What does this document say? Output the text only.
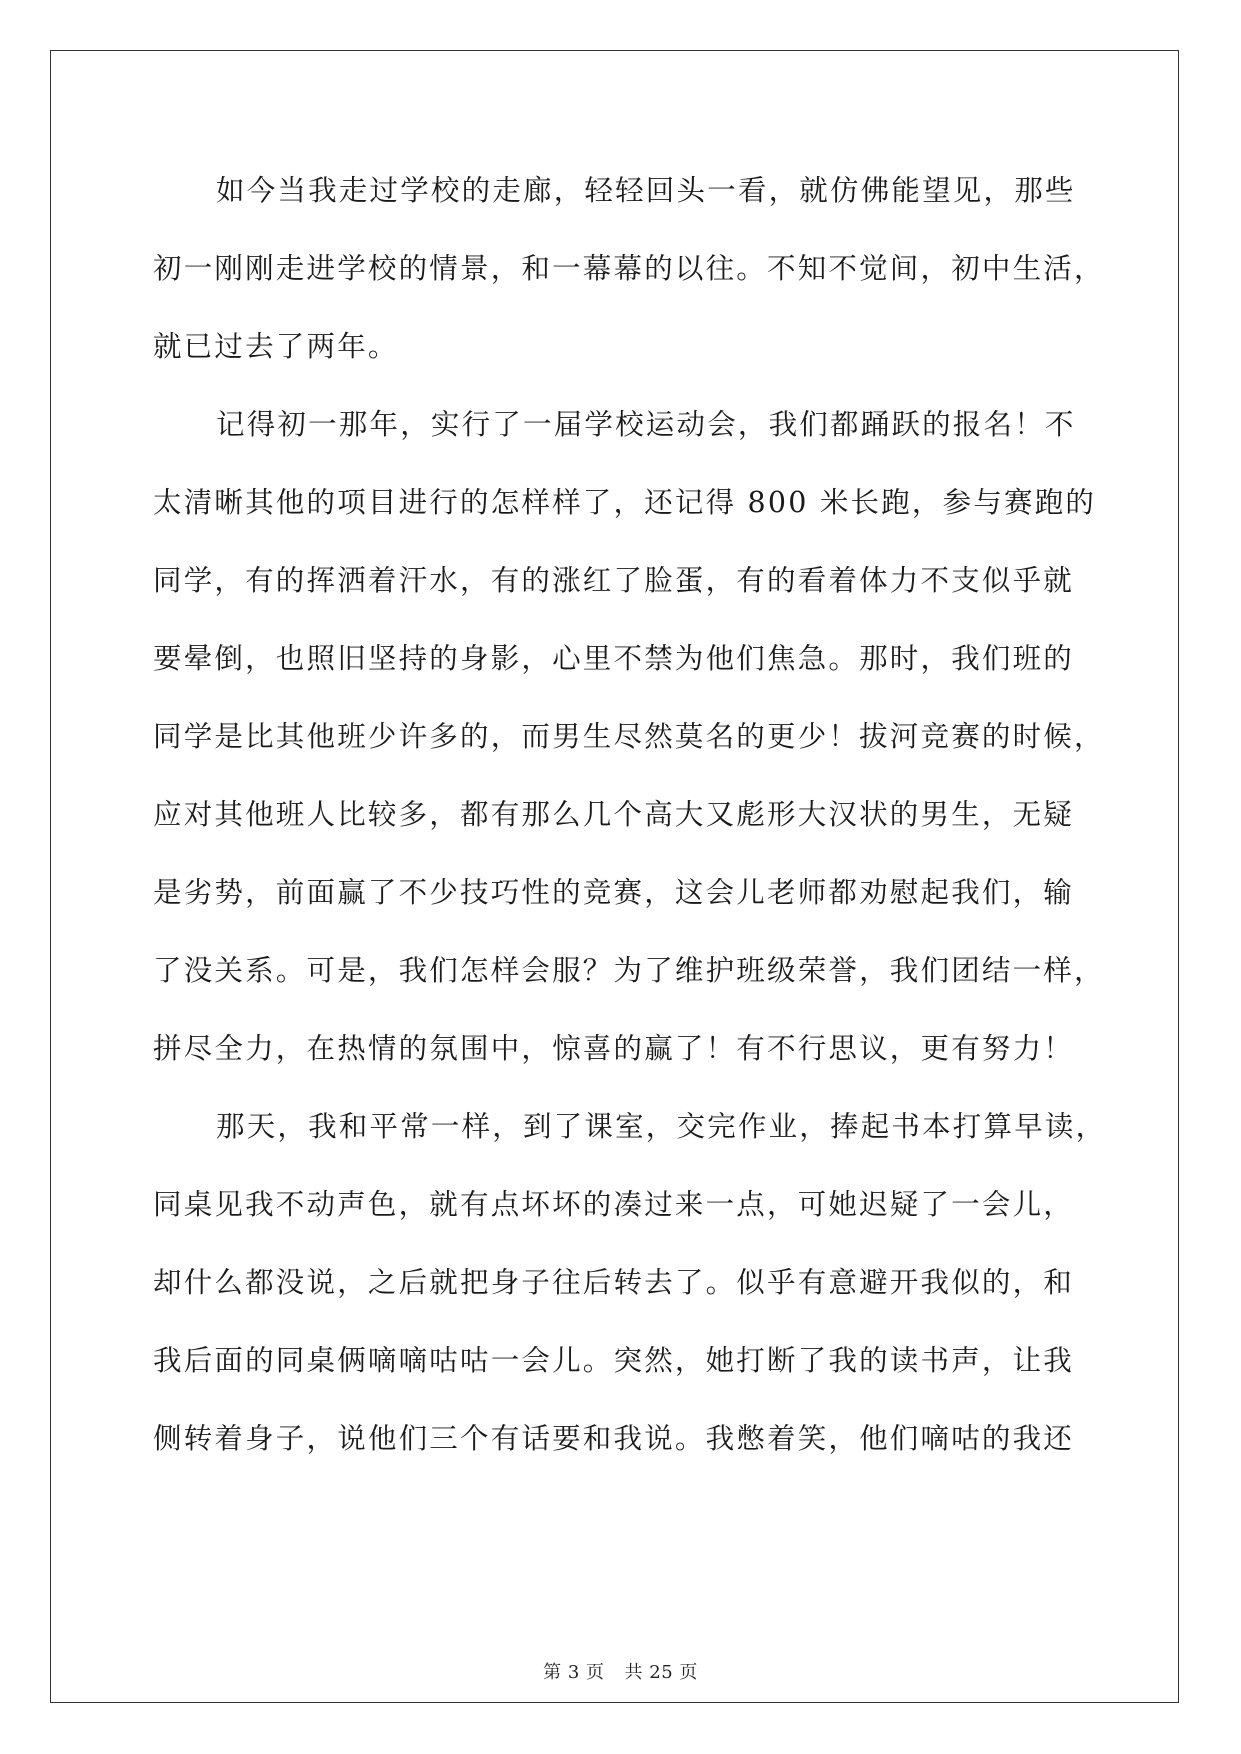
如今当我走过学校的走廊，轻轻回头一看，就仿佛能望见，那些
初一刚刚走进学校的情景，和一幕幕的以往。不知不觉间，初中生活，
就已过去了两年。
记得初一那年，实行了一届学校运动会，我们都踊跃的报名！不
太清晰其他的项目进行的怎样样了，还记得 800 米长跑，参与赛跑的
同学，有的挥洒着汗水，有的涨红了脸蛋，有的看着体力不支似乎就
要晕倒，也照旧坚持的身影，心里不禁为他们焦急。那时，我们班的
同学是比其他班少许多的，而男生尽然莫名的更少！拔河竞赛的时候，
应对其他班人比较多，都有那么几个高大又彪形大汉状的男生，无疑
是劣势，前面赢了不少技巧性的竞赛，这会儿老师都劝慰起我们，输
了没关系。可是，我们怎样会服？为了维护班级荣誉，我们团结一样，
拼尽全力，在热情的氛围中，惊喜的赢了！有不行思议，更有努力！
那天，我和平常一样，到了课室，交完作业，捧起书本打算早读，
同桌见我不动声色，就有点坏坏的凑过来一点，可她迟疑了一会儿，
却什么都没说，之后就把身子往后转去了。似乎有意避开我似的，和
我后面的同桌俩嘀嘀咕咕一会儿。突然，她打断了我的读书声，让我
侧转着身子，说他们三个有话要和我说。我憋着笑，他们嘀咕的我还
第 3 页 共 25 页
